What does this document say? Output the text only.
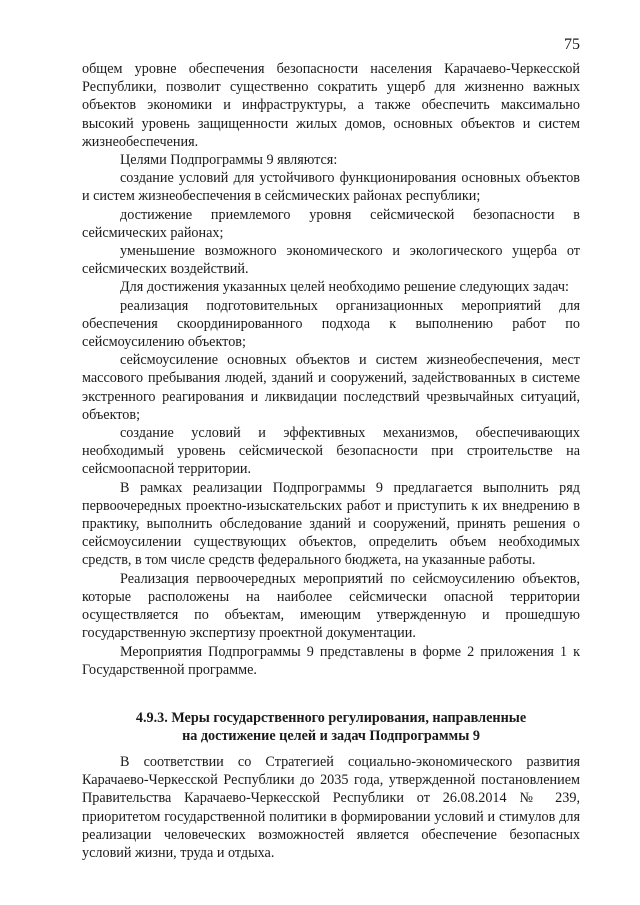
75

общем уровне обеспечения безопасности населения Карачаево-Черкесской Республики, позволит существенно сократить ущерб для жизненно важных объектов экономики и инфраструктуры, а также обеспечить максимально высокий уровень защищенности жилых домов, основных объектов и систем жизнеобеспечения.

Целями Подпрограммы 9 являются:

создание условий для устойчивого функционирования основных объектов и систем жизнеобеспечения в сейсмических районах республики;

достижение приемлемого уровня сейсмической безопасности в сейсмических районах;

уменьшение возможного экономического и экологического ущерба от сейсмических воздействий.

Для достижения указанных целей необходимо решение следующих задач:

реализация подготовительных организационных мероприятий для обеспечения скоординированного подхода к выполнению работ по сейсмоусилению объектов;

сейсмоусиление основных объектов и систем жизнеобеспечения, мест массового пребывания людей, зданий и сооружений, задействованных в системе экстренного реагирования и ликвидации последствий чрезвычайных ситуаций, объектов;

создание условий и эффективных механизмов, обеспечивающих необходимый уровень сейсмической безопасности при строительстве на сейсмоопасной территории.

В рамках реализации Подпрограммы 9 предлагается выполнить ряд первоочередных проектно-изыскательских работ и приступить к их внедрению в практику, выполнить обследование зданий и сооружений, принять решения о сейсмоусилении существующих объектов, определить объем необходимых средств, в том числе средств федерального бюджета, на указанные работы.

Реализация первоочередных мероприятий по сейсмоусилению объектов, которые расположены на наиболее сейсмически опасной территории осуществляется по объектам, имеющим утвержденную и прошедшую государственную экспертизу проектной документации.

Мероприятия Подпрограммы 9 представлены в форме 2 приложения 1 к Государственной программе.

4.9.3. Меры государственного регулирования, направленные
на достижение целей и задач Подпрограммы 9

В соответствии со Стратегией социально-экономического развития Карачаево-Черкесской Республики до 2035 года, утвержденной постановлением Правительства Карачаево-Черкесской Республики от 26.08.2014 № 239, приоритетом государственной политики в формировании условий и стимулов для реализации человеческих возможностей является обеспечение безопасных условий жизни, труда и отдыха.
